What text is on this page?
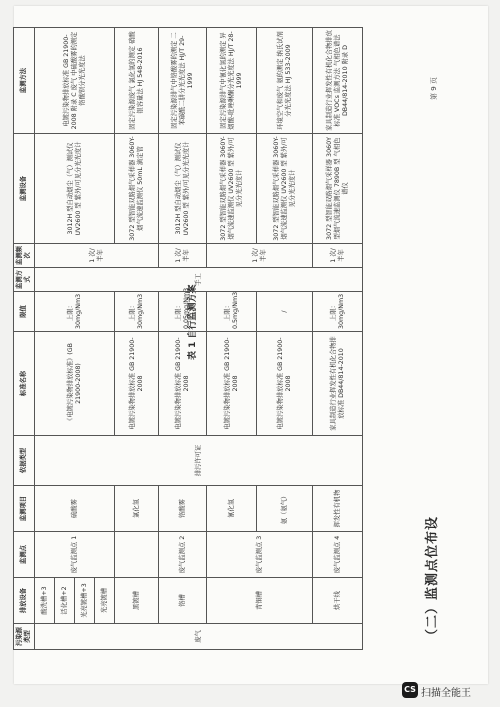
（二）监测点位布设
表 1 自行监测方案
污染源类型	排放设备	监测点	监测项目	依据类型	标准名称	限值	监测方式	监测频次	监测设备	监测方法
废气	酸洗槽+3	废气监测点 1	硫酸雾	排污许可证	《电镀污染物排放标准》(GB 21900-2008)	上限：30mg/Nm3	手工	1 次/半年	3012H 型自动烟尘（气）测试仪 UV2600 型 紫外/可见分光光度计	电镀污染物排放标准 GB 21900-2008 附录 C 废气 中硫酸雾的测定 铬酸钡分光光度法
	活化槽+2									
	光亮镀槽+3									
	光亮镀槽									
	黑镀槽		氯化氢		电镀污染物排放标准 GB 21900-2008	上限：30mg/Nm3			3072 型智能双路烟气采样器 3060Y-烟气流速监测仪 50mL 滴定管	固定污染源废气 氯化氢的测定 硝酸银容量法 HJ 548-2016
	铬槽	废气监测点 2	铬酸雾		电镀污染物排放标准 GB 21900-2008	上限：0.05mg/Nm3		1 次/半年	3012H 型自动烟尘（气）测试仪 UV2600 型 紫外/可见分光光度计	固定污染源排气中铬酸雾的测定 二苯碳酰二肼分光光度法 HJ/T 29-1999
	青铜槽	废气监测点 3	氰化氢		电镀污染物排放标准 GB 21900-2008	上限：0.5mg/Nm3		1 次/半年	3072 型智能双路烟气采样器 3060Y-烟气流速监测仪 UV2600 型 紫外/可见分光光度计	固定污染源排气中氰化氢的测定 异烟酸-吡唑啉酮分光光度法 HJ/T 28-1999
			氨（氨气）		电镀污染物排放标准 GB 21900-2008	/			3072 型智能双路烟气采样器 3060Y-烟气流速监测仪 UV2600 型 紫外/可见分光光度计	环境空气和废气 氨的测定 纳氏试剂分光光度法 HJ 533-2009
	烘干线	废气监测点 4	挥发性有机物		家具制造行业挥发性有机化合物排放标准 DB44/814-2010	上限：30mg/Nm3		1 次/半年	3072 型智能双路烟气采样器 3060Y 型烟气流速监测仪 7890B 型 气相色谱仪	家具制造行业挥发性有机化合物排放标准 VOCs 监测方法 气相色谱法 DB44/814-2010 附录 D	第 9 页
CS 扫描全能王
